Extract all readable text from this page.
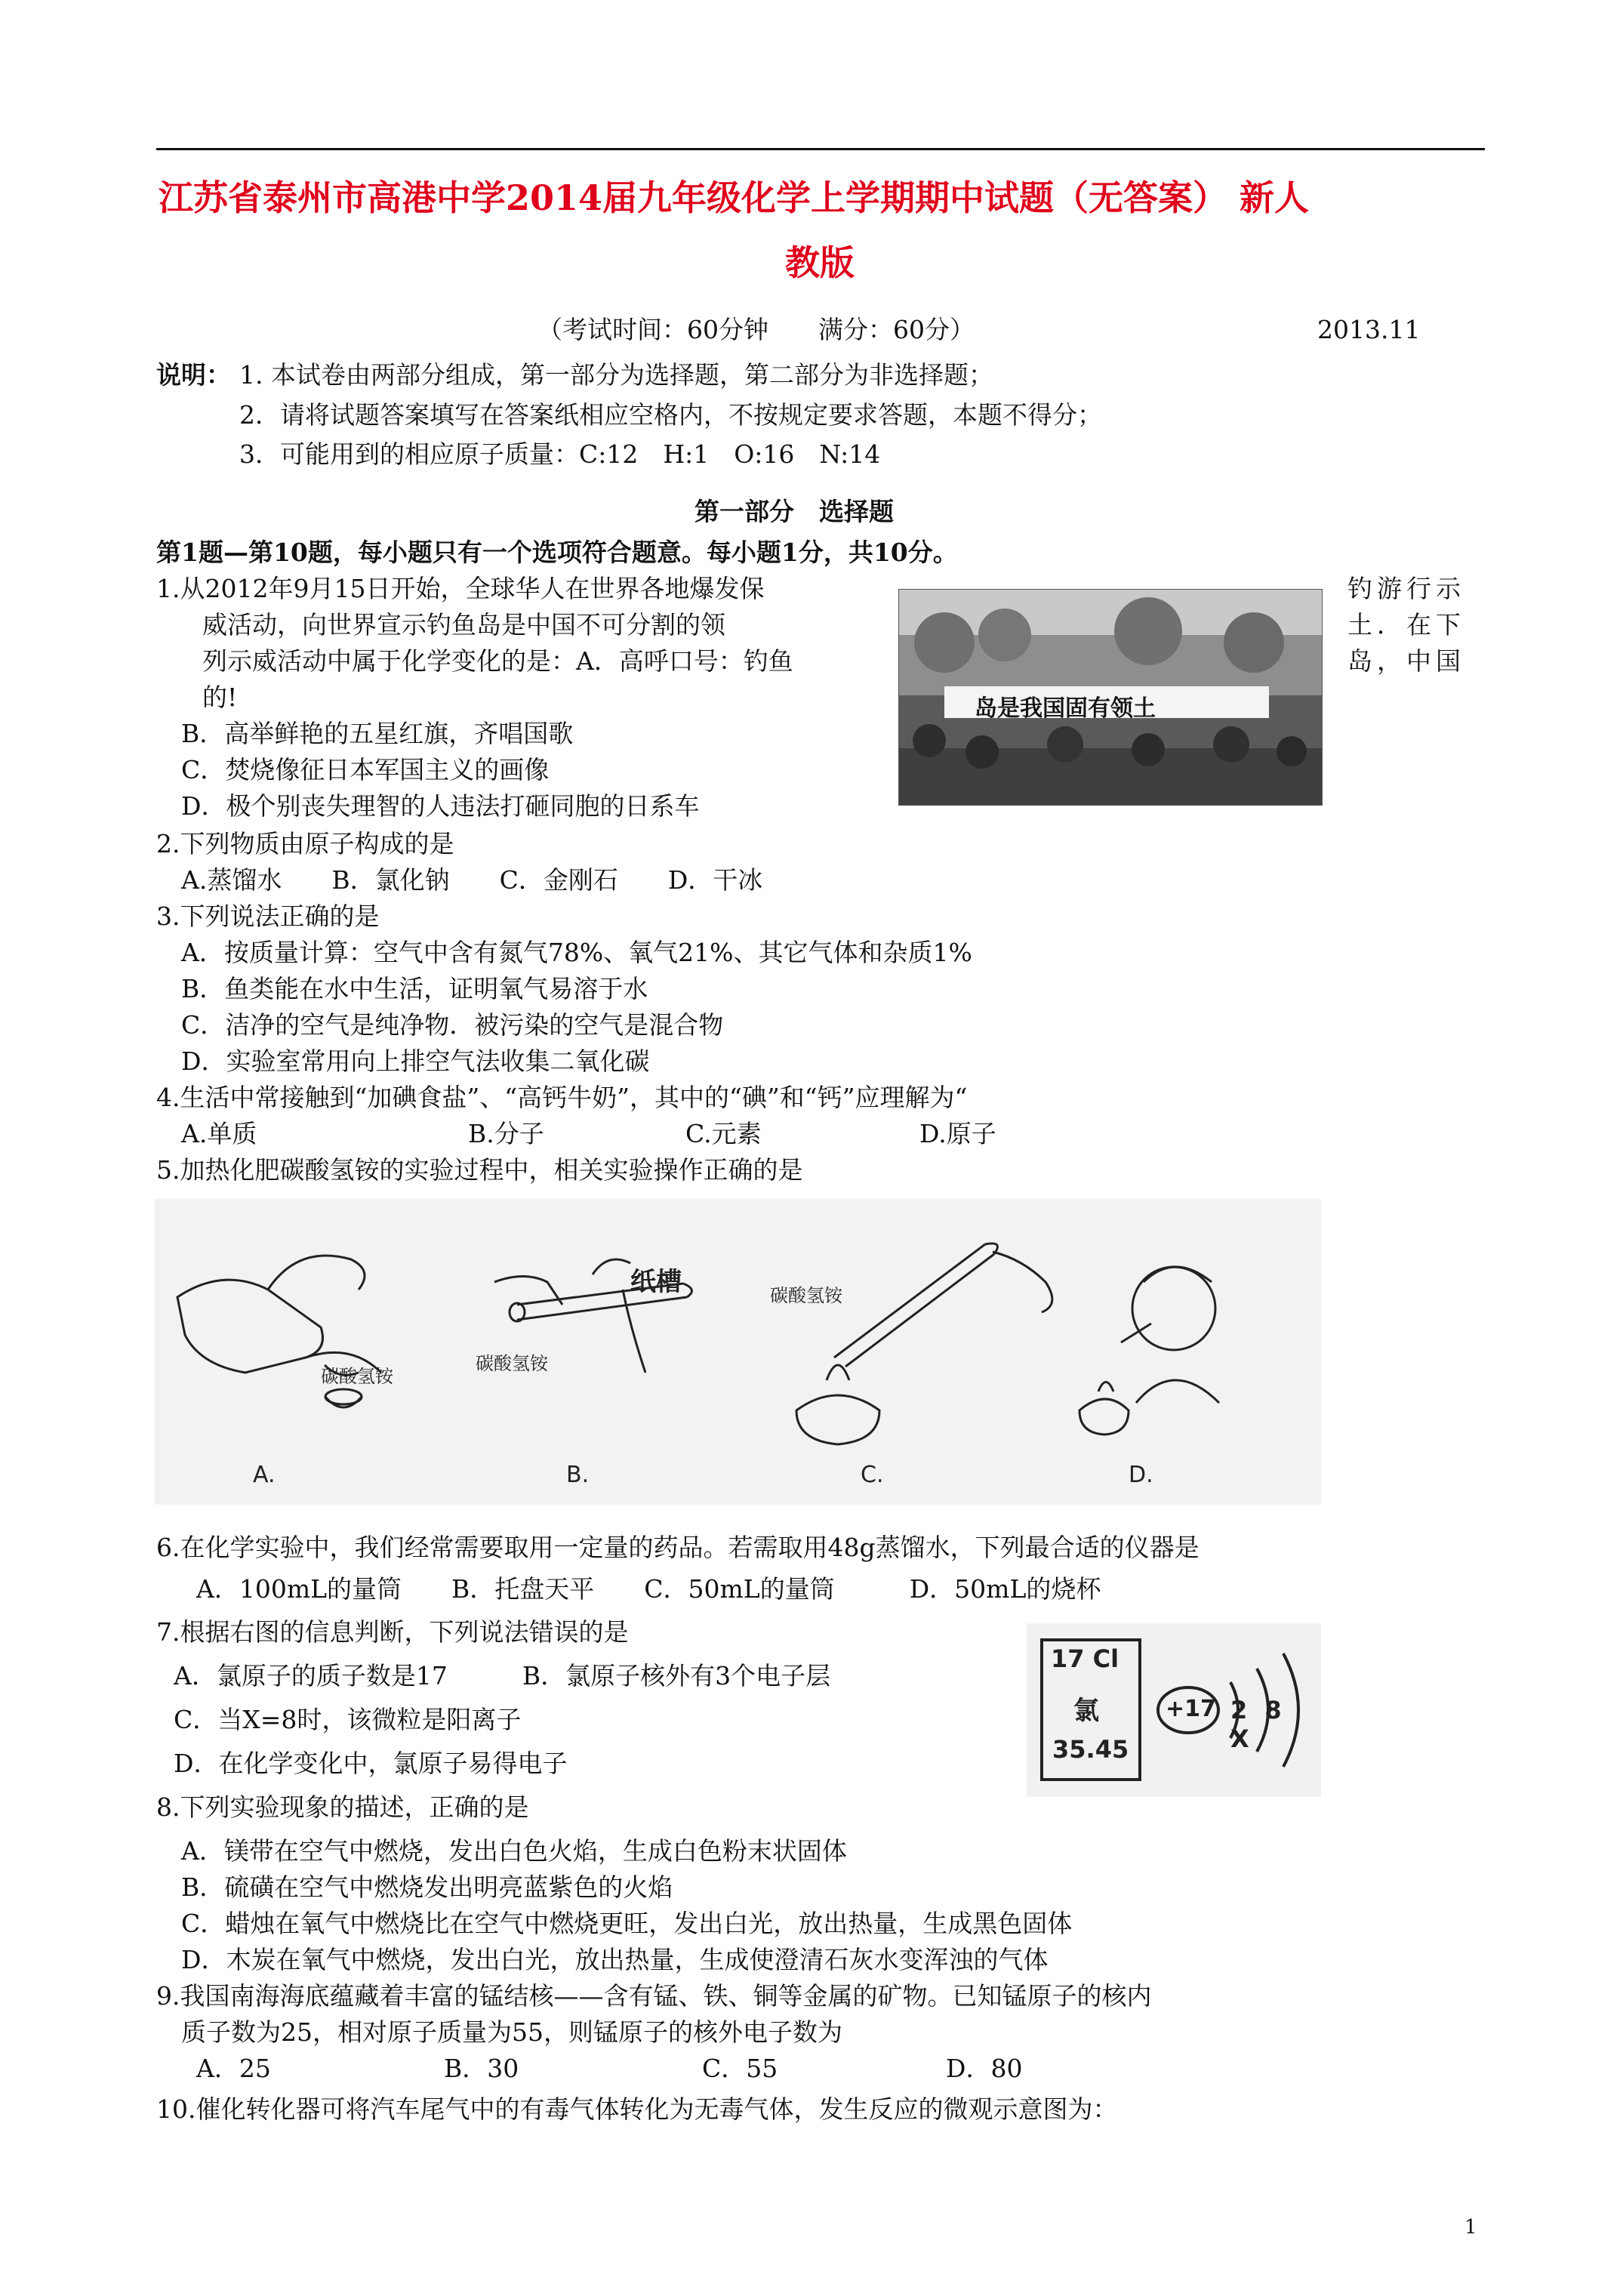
江苏省泰州市高港中学2014届九年级化学上学期期中试题（无答案） 新人
教版
（考试时间：60分钟　　满分：60分）	2013.11
说明： 1. 本试卷由两部分组成，第一部分为选择题，第二部分为非选择题；
2．请将试题答案填写在答案纸相应空格内，不按规定要求答题，本题不得分；
3．可能用到的相应原子质量：C:12　H:1　O:16　N:14
第一部分　选择题
第1题—第10题，每小题只有一个选项符合题意。每小题1分，共10分。
1.从2012年9月15日开始，全球华人在世界各地爆发保	钓游行示
威活动，向世界宣示钓鱼岛是中国不可分割的领	土．在下
列示威活动中属于化学变化的是：A．高呼口号：钓鱼	岛，中国
的!
B．高举鲜艳的五星红旗，齐唱国歌
C．焚烧像征日本军国主义的画像
D．极个别丧失理智的人违法打砸同胞的日系车
岛是我国固有领土
2.下列物质由原子构成的是
A.蒸馏水　　B．氯化钠　　C．金刚石　　D．干冰
3.下列说法正确的是
A．按质量计算：空气中含有氮气78%、氧气21%、其它气体和杂质1%
B．鱼类能在水中生活，证明氧气易溶于水
C．洁净的空气是纯净物．被污染的空气是混合物
D．实验室常用向上排空气法收集二氧化碳
4.生活中常接触到“加碘食盐”、“高钙牛奶”，其中的“碘”和“钙”应理解为“
A.单质	B.分子	C.元素	D.原子
5.加热化肥碳酸氢铵的实验过程中，相关实验操作正确的是
碳酸氢铵
纸槽
碳酸氢铵
碳酸氢铵
A.	B.	C.	D.
6.在化学实验中，我们经常需要取用一定量的药品。若需取用48g蒸馏水，下列最合适的仪器是
A．100mL的量筒　　B．托盘天平　　C．50mL的量筒　　　D．50mL的烧杯
7.根据右图的信息判断，下列说法错误的是
A．氯原子的质子数是17　　　B．氯原子核外有3个电子层
C．当X=8时，该微粒是阳离子
D．在化学变化中，氯原子易得电子
17 Cl
氯
35.45
+17 2 8 X
8.下列实验现象的描述，正确的是
A．镁带在空气中燃烧，发出白色火焰，生成白色粉末状固体
B．硫磺在空气中燃烧发出明亮蓝紫色的火焰
C．蜡烛在氧气中燃烧比在空气中燃烧更旺，发出白光，放出热量，生成黑色固体
D．木炭在氧气中燃烧，发出白光，放出热量，生成使澄清石灰水变浑浊的气体
9.我国南海海底蕴藏着丰富的锰结核——含有锰、铁、铜等金属的矿物。已知锰原子的核内
质子数为25，相对原子质量为55，则锰原子的核外电子数为
A．25	B．30	C．55	D．80
10.催化转化器可将汽车尾气中的有毒气体转化为无毒气体，发生反应的微观示意图为：
1
